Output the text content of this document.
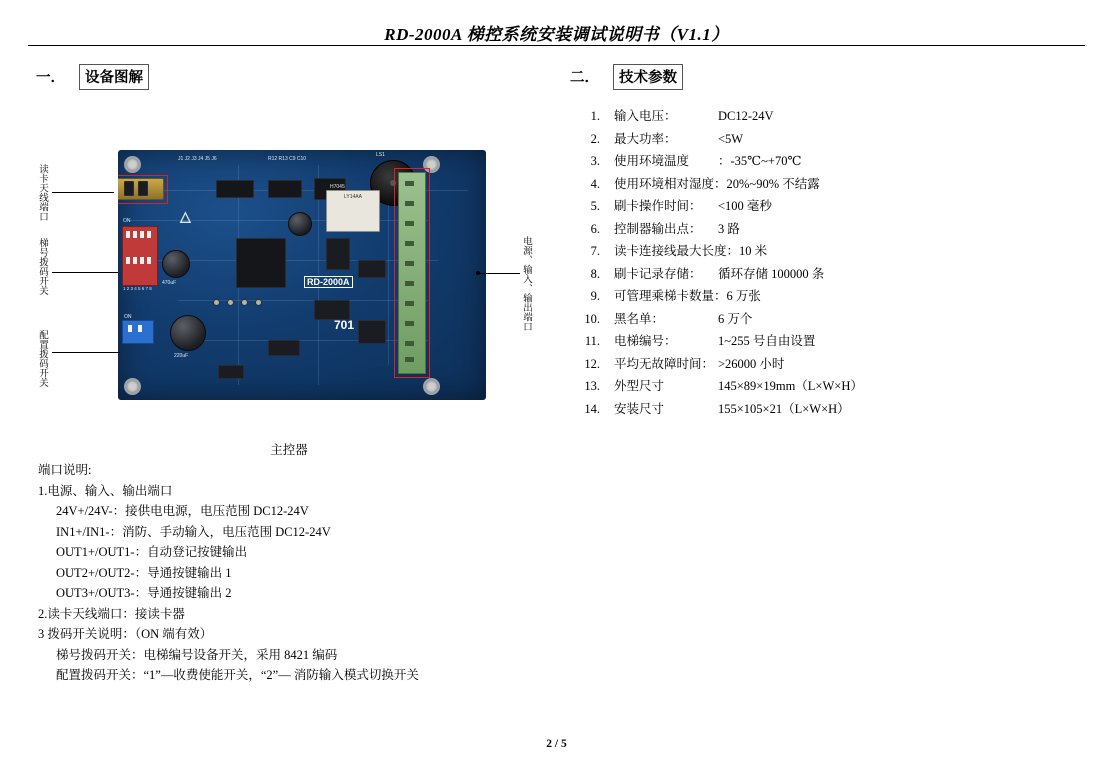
RD-2000A 梯控系统安装调试说明书（V1.1）
一． 设备图解	二． 技术参数
1.	输入电压：	DC12-24V
2.	最大功率：	<5W
3.	使用环境温度 ：-35℃~+70℃
4.	使用环境相对湿度：20%~90% 不结露
5.	刷卡操作时间： <100 毫秒
6.	控制器输出点： 3 路
7.	读卡连接线最大长度：10 米
8.	刷卡记录存储： 循环存储 100000 条
9.	可管理乘梯卡数量：6 万张
10.	黑名单：	6 万个
11.	电梯编号：	1~255 号自由设置
12.	平均无故障时间： >26000 小时
13.	外型尺寸	145×89×19mm（L×W×H）
14.	安装尺寸	155×105×21（L×W×H）
J1 J2 J3 J4 J5 J6	R12 R13 C9 C10
ON
1 2 3 4 5 6 7 8
ON
470uF
220uF
△
LS1
LY14AA
H7045
RD-2000A
701
读卡天线端口
梯号拨码开关
配置拨码开关
电源、输入、输出端口
主控器
端口说明:
1.电源、输入、输出端口
24V+/24V-：接供电电源，电压范围 DC12-24V
IN1+/IN1-：消防、手动输入，电压范围 DC12-24V
OUT1+/OUT1-：自动登记按键输出
OUT2+/OUT2-：导通按键输出 1
OUT3+/OUT3-：导通按键输出 2
2.读卡天线端口：接读卡器
3 拨码开关说明：（ON 端有效）
梯号拨码开关：电梯编号设备开关，采用 8421 编码
配置拨码开关：“1”—收费使能开关，“2”— 消防输入模式切换开关
2 / 5
